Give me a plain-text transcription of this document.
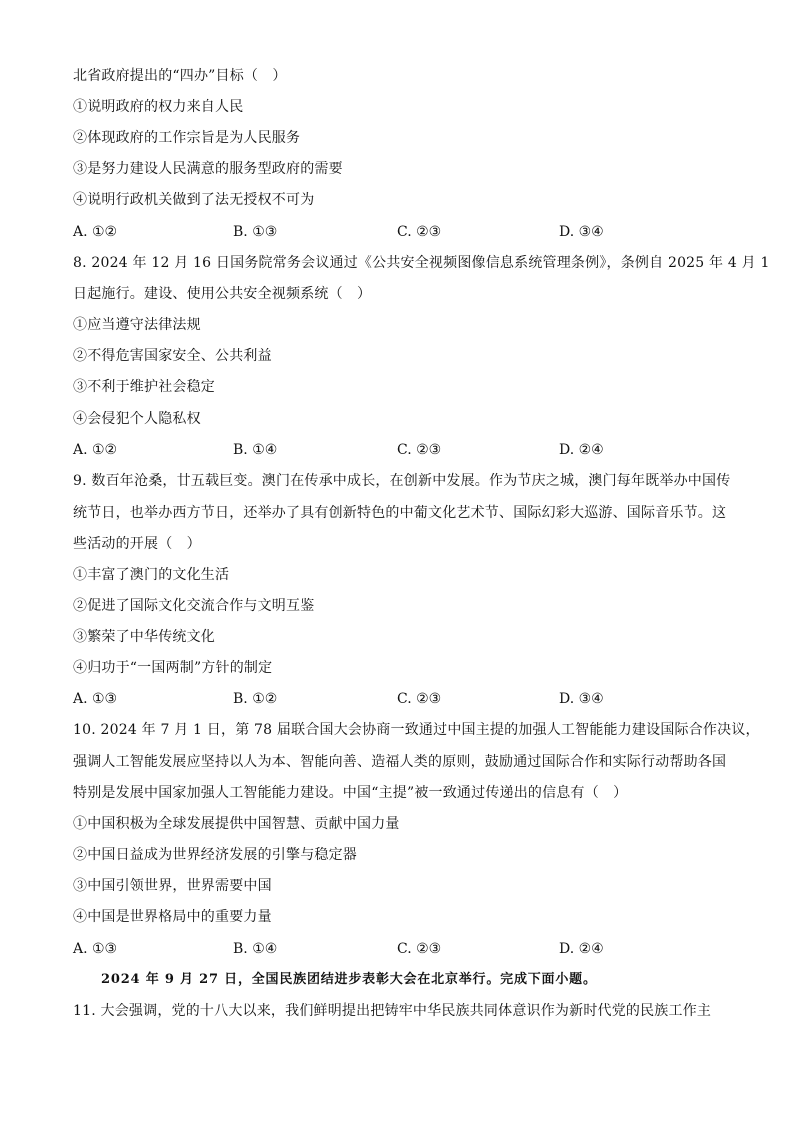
北省政府提出的“四办”目标（　）
①说明政府的权力来自人民
②体现政府的工作宗旨是为人民服务
③是努力建设人民满意的服务型政府的需要
④说明行政机关做到了法无授权不可为
A. ①②	B. ①③	C. ②③	D. ③④
8. 2024 年 12 月 16 日国务院常务会议通过《公共安全视频图像信息系统管理条例》，条例自 2025 年 4 月 1
日起施行。建设、使用公共安全视频系统（　）
①应当遵守法律法规
②不得危害国家安全、公共利益
③不利于维护社会稳定
④会侵犯个人隐私权
A. ①②	B. ①④	C. ②③	D. ②④
9. 数百年沧桑，廿五载巨变。澳门在传承中成长，在创新中发展。作为节庆之城，澳门每年既举办中国传
统节日，也举办西方节日，还举办了具有创新特色的中葡文化艺术节、国际幻彩大巡游、国际音乐节。这
些活动的开展（　）
①丰富了澳门的文化生活
②促进了国际文化交流合作与文明互鉴
③繁荣了中华传统文化
④归功于“一国两制”方针的制定
A. ①③	B. ①②	C. ②③	D. ③④
10. 2024 年 7 月 1 日，第 78 届联合国大会协商一致通过中国主提的加强人工智能能力建设国际合作决议，
强调人工智能发展应坚持以人为本、智能向善、造福人类的原则，鼓励通过国际合作和实际行动帮助各国
特别是发展中国家加强人工智能能力建设。中国“主提”被一致通过传递出的信息有（　）
①中国积极为全球发展提供中国智慧、贡献中国力量
②中国日益成为世界经济发展的引擎与稳定器
③中国引领世界，世界需要中国
④中国是世界格局中的重要力量
A. ①③	B. ①④	C. ②③	D. ②④
2024 年 9 月 27 日，全国民族团结进步表彰大会在北京举行。完成下面小题。
11. 大会强调，党的十八大以来，我们鲜明提出把铸牢中华民族共同体意识作为新时代党的民族工作主
